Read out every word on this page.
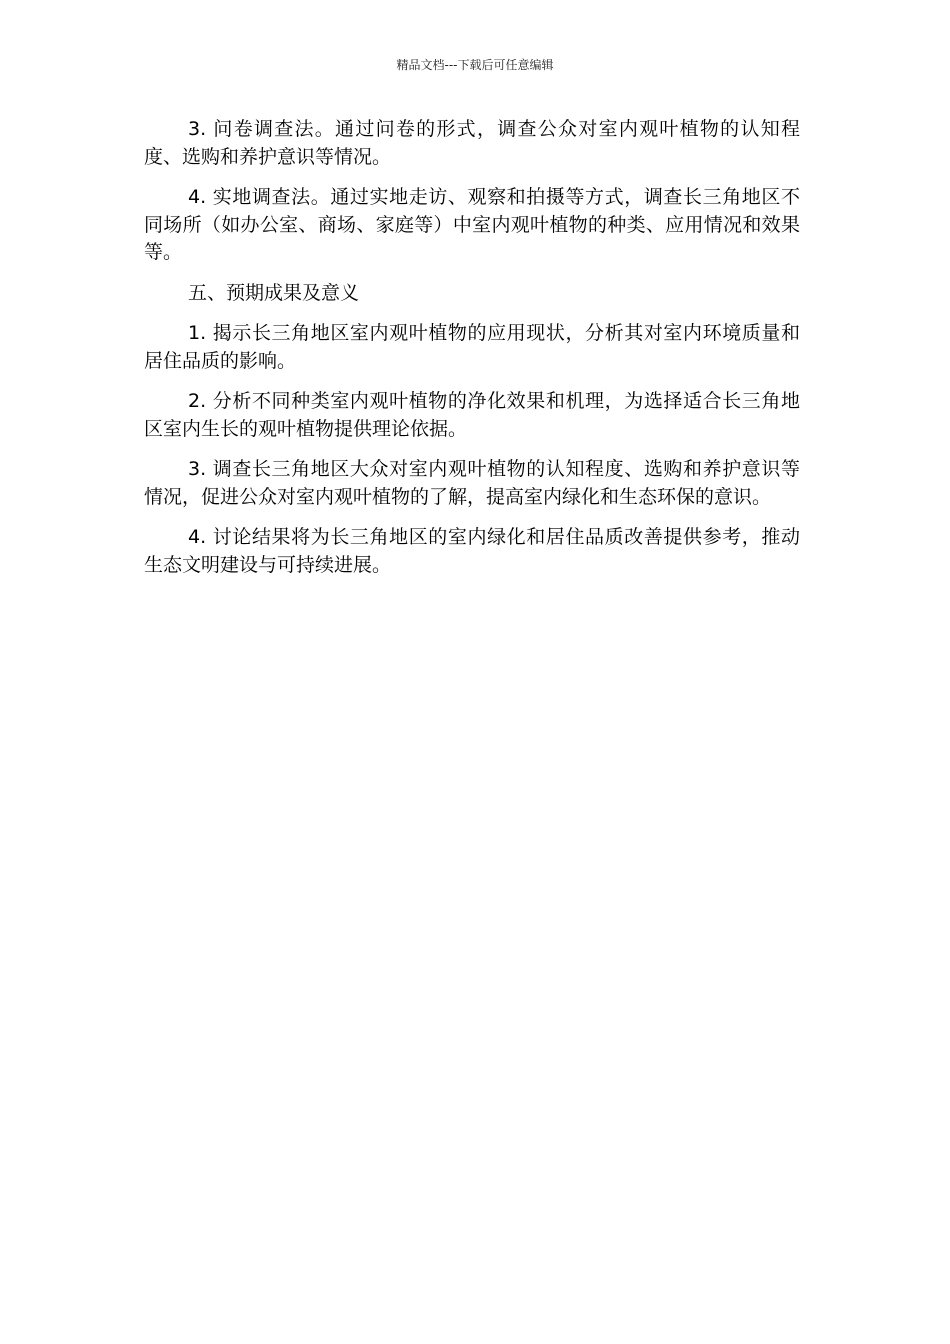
精品文档---下载后可任意编辑

3. 问卷调查法。通过问卷的形式，调查公众对室内观叶植物的认知程度、选购和养护意识等情况。

4. 实地调查法。通过实地走访、观察和拍摄等方式，调查长三角地区不同场所（如办公室、商场、家庭等）中室内观叶植物的种类、应用情况和效果等。

五、预期成果及意义

1. 揭示长三角地区室内观叶植物的应用现状，分析其对室内环境质量和居住品质的影响。

2. 分析不同种类室内观叶植物的净化效果和机理，为选择适合长三角地区室内生长的观叶植物提供理论依据。

3. 调查长三角地区大众对室内观叶植物的认知程度、选购和养护意识等情况，促进公众对室内观叶植物的了解，提高室内绿化和生态环保的意识。

4. 讨论结果将为长三角地区的室内绿化和居住品质改善提供参考，推动生态文明建设与可持续进展。
